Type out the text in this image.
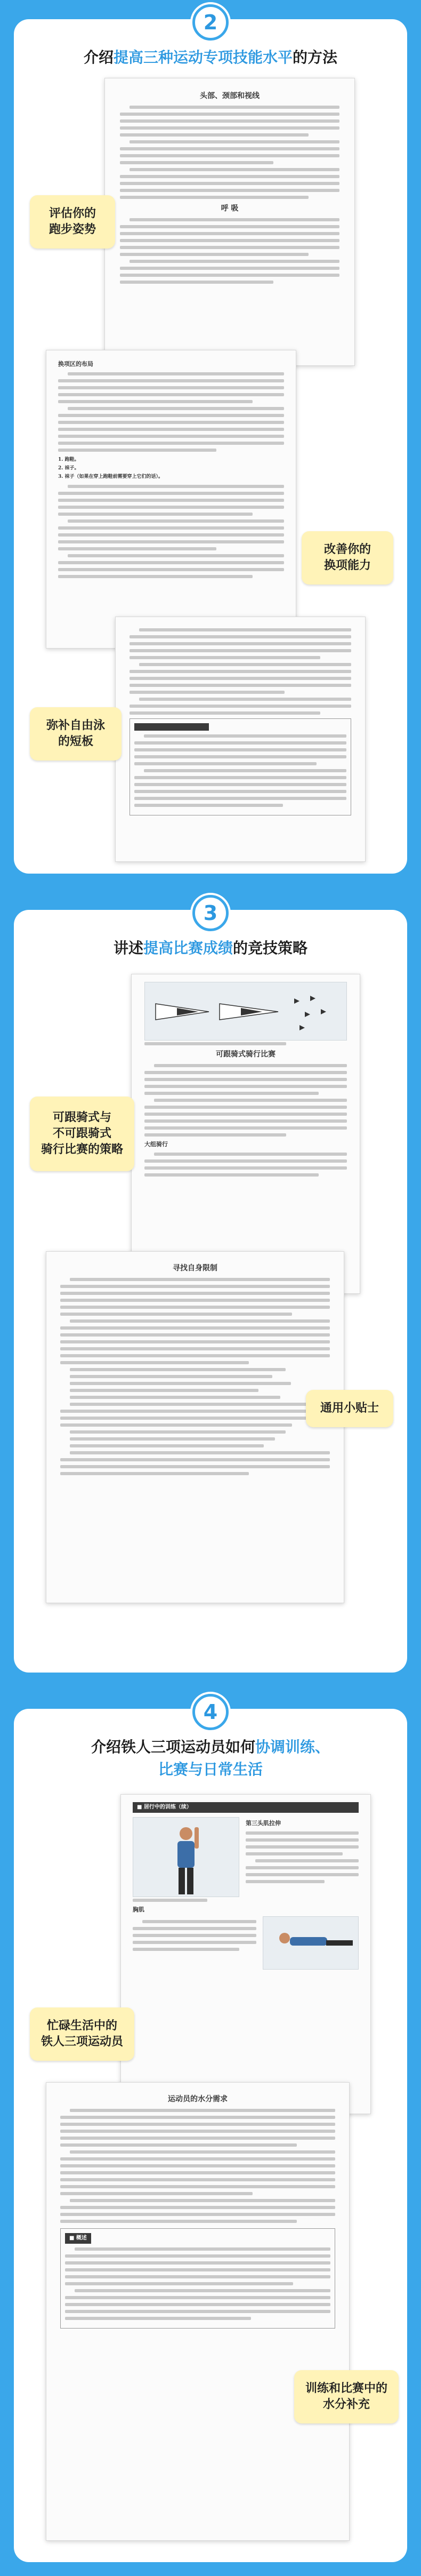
2
介绍提高三种运动专项技能水平的方法
头部、颈部和视线
呼 吸
换项区的布局
1. 跑鞋。
2. 袜子。
3. 袜子（如果在穿上跑鞋前需要穿上它们的话）。
评估你的
跑步姿势
改善你的
换项能力
弥补自由泳
的短板
3
讲述提高比赛成绩的竞技策略
可跟骑式骑行比赛
大组骑行
寻找自身限制
可跟骑式与
不可跟骑式
骑行比赛的策略
通用小贴士
4
介绍铁人三项运动员如何协调训练、
比赛与日常生活
■ 居行中的训练（续）
第三头肌拉伸
胸肌
运动员的水分需求
■ 概述
忙碌生活中的
铁人三项运动员
训练和比赛中的
水分补充
